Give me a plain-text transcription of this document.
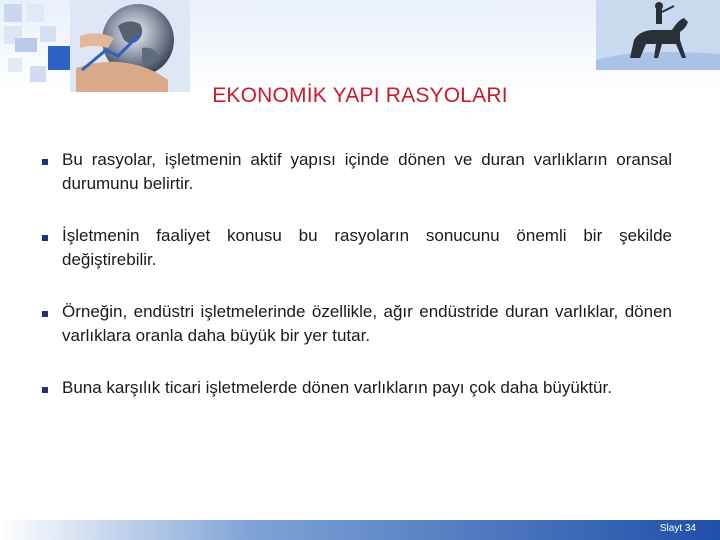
EKONOMİK YAPI RASYOLARI
Bu rasyolar, işletmenin aktif yapısı içinde dönen ve duran varlıkların oransal durumunu belirtir.
İşletmenin faaliyet konusu bu rasyoların sonucunu önemli bir şekilde değiştirebilir.
Örneğin, endüstri işletmelerinde özellikle, ağır endüstride duran varlıklar, dönen varlıklara oranla daha büyük bir yer tutar.
Buna karşılık ticari işletmelerde dönen varlıkların payı çok daha büyüktür.
Slayt 34
